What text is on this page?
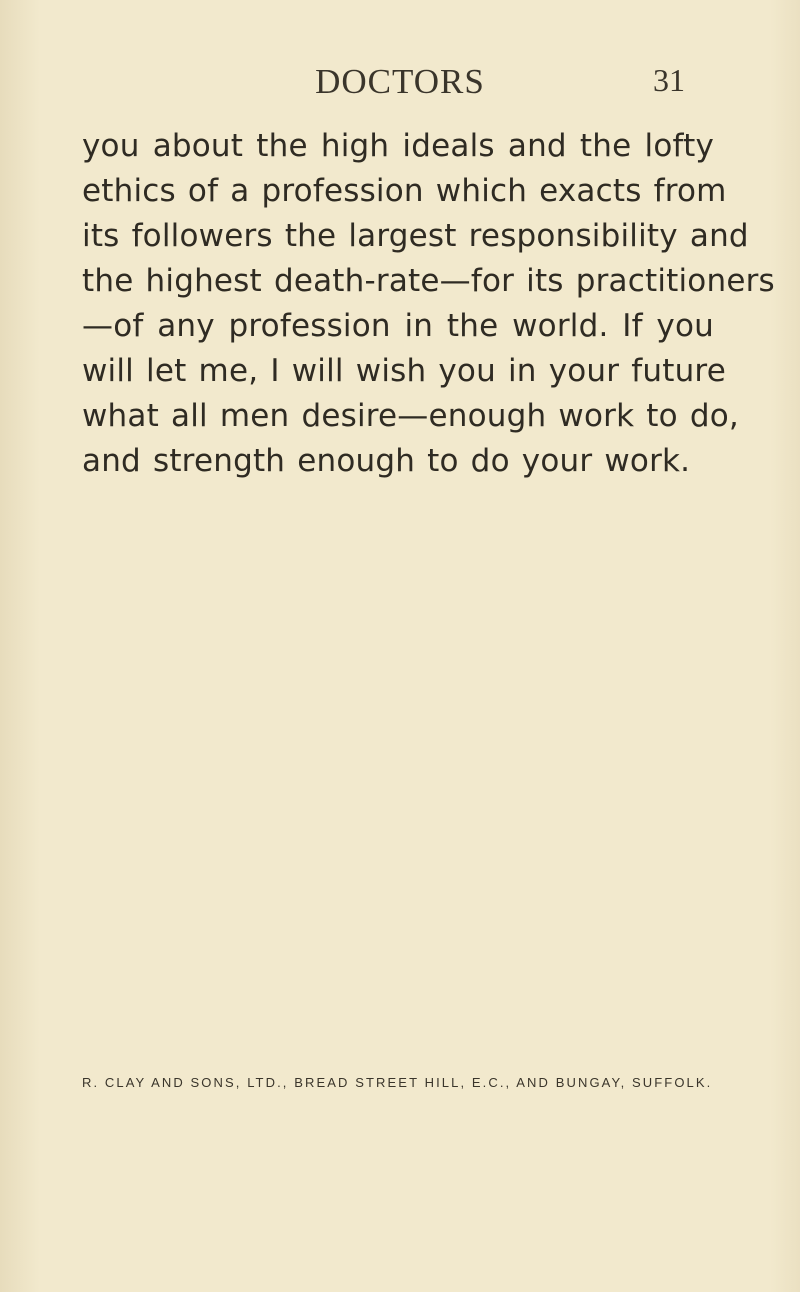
DOCTORS	31
you about the high ideals and the lofty
ethics of a profession which exacts from
its followers the largest responsibility and
the highest death-rate—for its practitioners
—of any profession in the world. If you
will let me, I will wish you in your future
what all men desire—enough work to do,
and strength enough to do your work.
R. CLAY AND SONS, LTD., BREAD STREET HILL, E.C., AND BUNGAY, SUFFOLK.
